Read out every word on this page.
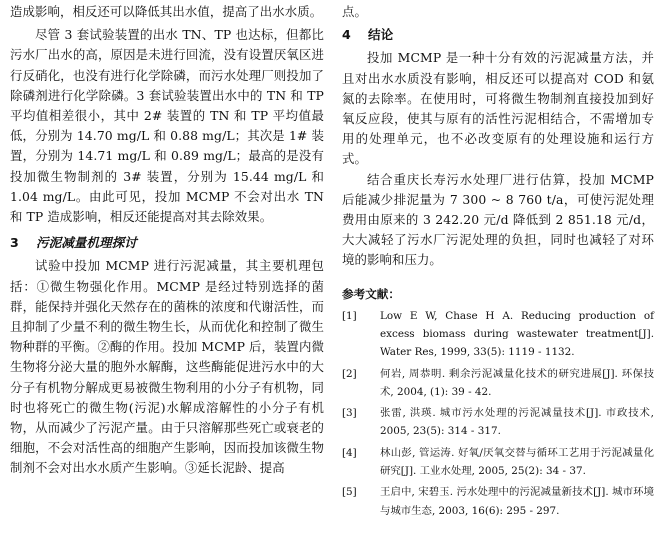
造成影响，相反还可以降低其出水值，提高了出水水质。

尽管 3 套试验装置的出水 TN、TP 也达标，但都比污水厂出水的高，原因是未进行回流，没有设置厌氧区进行反硝化，也没有进行化学除磷，而污水处理厂则投加了除磷剂进行化学除磷。3 套试验装置出水中的 TN 和 TP 平均值相差很小，其中 2# 装置的 TN 和 TP 平均值最低，分别为 14.70 mg/L 和 0.88 mg/L；其次是 1# 装置，分别为 14.71 mg/L 和 0.89 mg/L；最高的是没有投加微生物制剂的 3# 装置，分别为 15.44 mg/L 和 1.04 mg/L。由此可见，投加 MCMP 不会对出水 TN 和 TP 造成影响，相反还能提高对其去除效果。

3 污泥减量机理探讨

试验中投加 MCMP 进行污泥减量，其主要机理包括：①微生物强化作用。MCMP 是经过特别选择的菌群，能保持并强化天然存在的菌株的浓度和代谢活性，而且抑制了少量不利的微生物生长，从而优化和控制了微生物种群的平衡。②酶的作用。投加 MCMP 后，装置内微生物将分泌大量的胞外水解酶，这些酶能促进污水中的大分子有机物分解成更易被微生物利用的小分子有机物，同时也将死亡的微生物(污泥)水解成溶解性的小分子有机物，从而减少了污泥产量。由于只溶解那些死亡或衰老的细胞，不会对活性高的细胞产生影响，因而投加该微生物制剂不会对出水水质产生影响。③延长泥龄、提高

点。

4 结论

投加 MCMP 是一种十分有效的污泥减量方法，并且对出水水质没有影响，相反还可以提高对 COD 和氨氮的去除率。在使用时，可将微生物制剂直接投加到好氧反应段，使其与原有的活性污泥相结合，不需增加专用的处理单元，也不必改变原有的处理设施和运行方式。

结合重庆长寿污水处理厂进行估算，投加 MCMP 后能减少排泥量为 7 300 ~ 8 760 t/a，可使污泥处理费用由原来的 3 242.20 元/d 降低到 2 851.18 元/d，大大减轻了污水厂污泥处理的负担，同时也减轻了对环境的影响和压力。

参考文献：
[1] Low E W, Chase H A. Reducing production of excess biomass during wastewater treatment[J]. Water Res, 1999, 33(5): 1119 - 1132.
[2] 何岩, 周恭明. 剩余污泥减量化技术的研究进展[J]. 环保技术, 2004, (1): 39 - 42.
[3] 张雷, 洪瑛. 城市污水处理的污泥减量技术[J]. 市政技术, 2005, 23(5): 314 - 317.
[4] 林山彭, 管运涛. 好氧/厌氧交替与循环工艺用于污泥减量化研究[J]. 工业水处理, 2005, 25(2): 34 - 37.
[5] 王启中, 宋碧玉. 污水处理中的污泥减量新技术[J]. 城市环境与城市生态, 2003, 16(6): 295 - 297.
